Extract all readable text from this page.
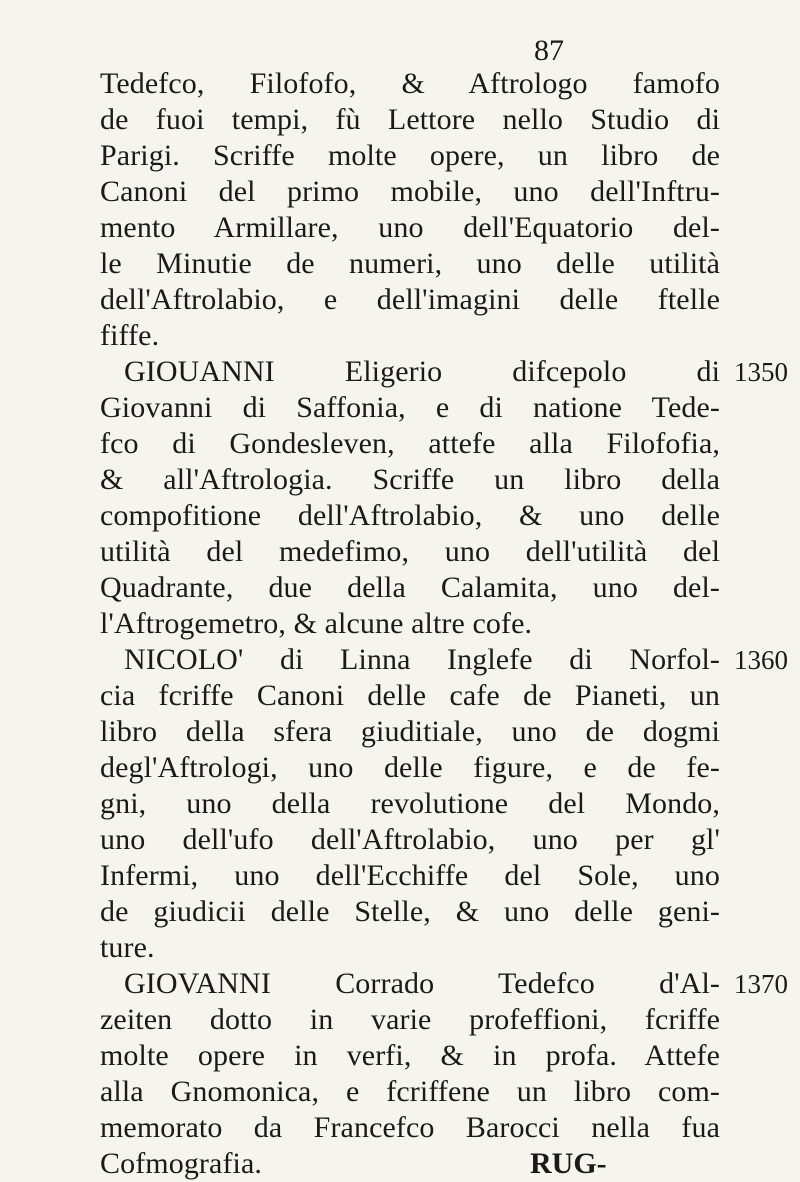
87
Tedefco, Filofofo, & Aftrologo famofo
de fuoi tempi, fù Lettore nello Studio di
Parigi. Scriffe molte opere, un libro de
Canoni del primo mobile, uno dell'Inftru-
mento Armillare, uno dell'Equatorio del-
le Minutie de numeri, uno delle utilità
dell'Aftrolabio, e dell'imagini delle ftelle
fiffe.
GIOUANNI Eligerio difcepolo di
Giovanni di Saffonia, e di natione Tede-
fco di Gondesleven, attefe alla Filofofia,
& all'Aftrologia. Scriffe un libro della
compofitione dell'Aftrolabio, & uno delle
utilità del medefimo, uno dell'utilità del
Quadrante, due della Calamita, uno del-
l'Aftrogemetro, & alcune altre cofe.
NICOLO' di Linna Inglefe di Norfol-
cia fcriffe Canoni delle cafe de Pianeti, un
libro della sfera giuditiale, uno de dogmi
degl'Aftrologi, uno delle figure, e de fe-
gni, uno della revolutione del Mondo,
uno dell'ufo dell'Aftrolabio, uno per gl'
Infermi, uno dell'Ecchiffe del Sole, uno
de giudicii delle Stelle, & uno delle geni-
ture.
GIOVANNI Corrado Tedefco d'Al-
zeiten dotto in varie profeffioni, fcriffe
molte opere in verfi, & in profa. Attefe
alla Gnomonica, e fcriffene un libro com-
memorato da Francefco Barocci nella fua
Cofmografia.	RUG-
1350
1360
1370
